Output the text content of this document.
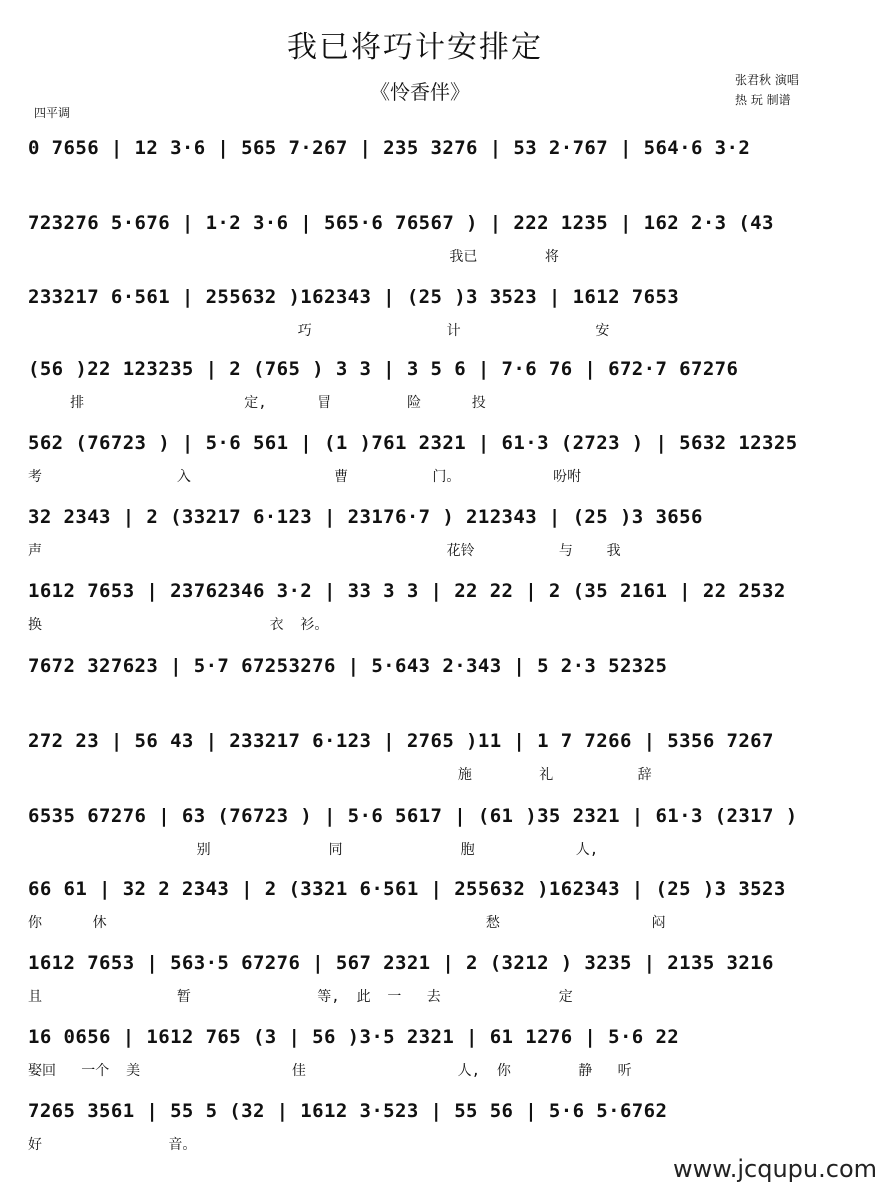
我已将巧计安排定
《怜香伴》	张君秋 演唱
热 玩 制谱
四平调
0 7656 | 12 3·6 | 565 7·267 | 235 3276 | 53 2·767 | 564·6 3·2
723276 5·676 | 1·2 3·6 | 565·6 76567 ) | 222 1235 | 162 2·3 (43
我已        将
233217 6·561 | 255632 )162343 | (25 )3 3523 | 1612 7653
巧                计                安
(56 )22 123235 | 2 (765 ) 3 3 | 3 5 6 | 7·6 76 | 672·7 67276
排                   定,      冒         险      投
562 (76723 ) | 5·6 561 | (1 )761 2321 | 61·3 (2723 ) | 5632 12325
考                入                 曹          门。           吩咐
32 2343 | 2 (33217 6·123 | 23176·7 ) 212343 | (25 )3 3656
声                                                花铃          与    我
1612 7653 | 23762346 3·2 | 33 3 3 | 22 22 | 2 (35 2161 | 22 2532
换                           衣  衫。
7672 327623 | 5·7 67253276 | 5·643 2·343 | 5 2·3 52325
272 23 | 56 43 | 233217 6·123 | 2765 )11 | 1 7 7266 | 5356 7267
施        礼          辞
6535 67276 | 63 (76723 ) | 5·6 5617 | (61 )35 2321 | 61·3 (2317 )
别              同              胞            人,
66 61 | 32 2 2343 | 2 (3321 6·561 | 255632 )162343 | (25 )3 3523
你      休                                             愁                  闷
1612 7653 | 563·5 67276 | 567 2321 | 2 (3212 ) 3235 | 2135 3216
且                暂               等,  此  一   去              定
16 0656 | 1612 765 (3 | 56 )3·5 2321 | 61 1276 | 5·6 22
娶回   一个  美                  佳                  人,  你        静   听
7265 3561 | 55 5 (32 | 1612 3·523 | 55 56 | 5·6 5·6762
好               音。
www.jcqupu.com
